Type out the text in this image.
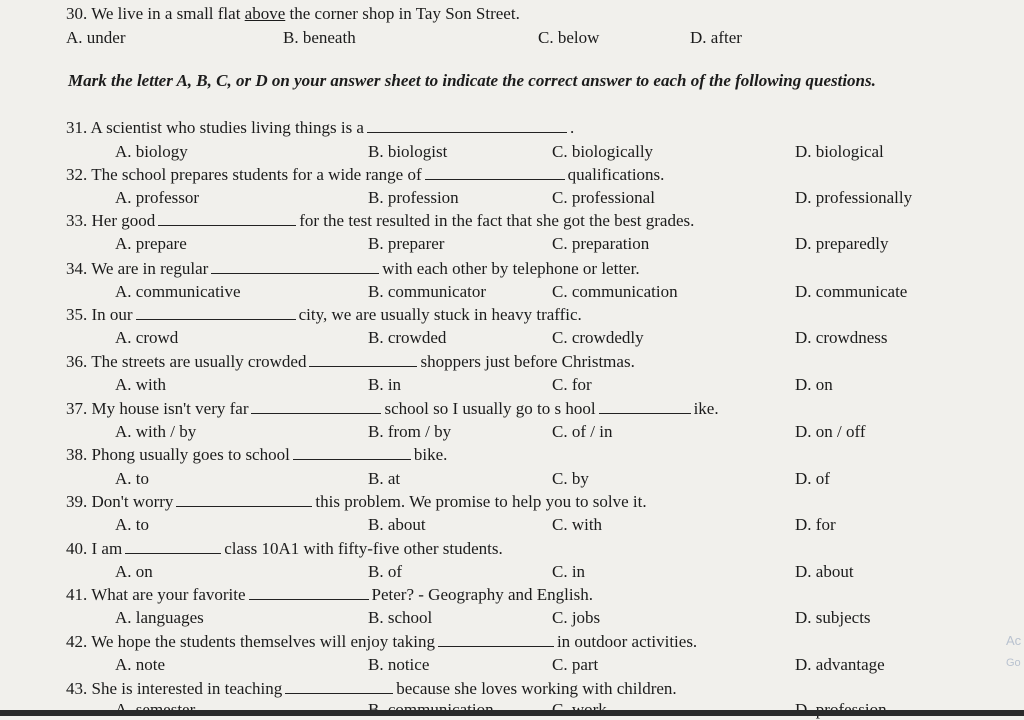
30. We live in a small flat above the corner shop in Tay Son Street.
A. under	B. beneath	C. below	D. after
Mark the letter A, B, C, or D on your answer sheet to indicate the correct answer to each of the following questions.
31. A scientist who studies living things is a	.
A. biology	B. biologist	C. biologically	D. biological
32. The school prepares students for a wide range of	qualifications.
A. professor	B. profession	C. professional	D. professionally
33. Her good	for the test resulted in the fact that she got the best grades.
A. prepare	B. preparer	C. preparation	D. preparedly
34. We are in regular	with each other by telephone or letter.
A. communicative	B. communicator	C. communication	D. communicate
35. In our	city, we are usually stuck in heavy traffic.
A. crowd	B. crowded	C. crowdedly	D. crowdness
36. The streets are usually crowded	shoppers just before Christmas.
A. with	B. in	C. for	D. on
37. My house isn't very far	school so I usually go to s hool	ike.
A. with / by	B. from / by	C. of / in	D. on / off
38. Phong usually goes to school	bike.
A. to	B. at	C. by	D. of
39. Don't worry	this problem. We promise to help you to solve it.
A. to	B. about	C. with	D. for
40. I am	class 10A1 with fifty-five other students.
A. on	B. of	C. in	D. about
41. What are your favorite	Peter? - Geography and English.
A. languages	B. school	C. jobs	D. subjects
42. We hope the students themselves will enjoy taking	in outdoor activities.
A. note	B. notice	C. part	D. advantage
43. She is interested in teaching	because she loves working with children.
Ac
Go
